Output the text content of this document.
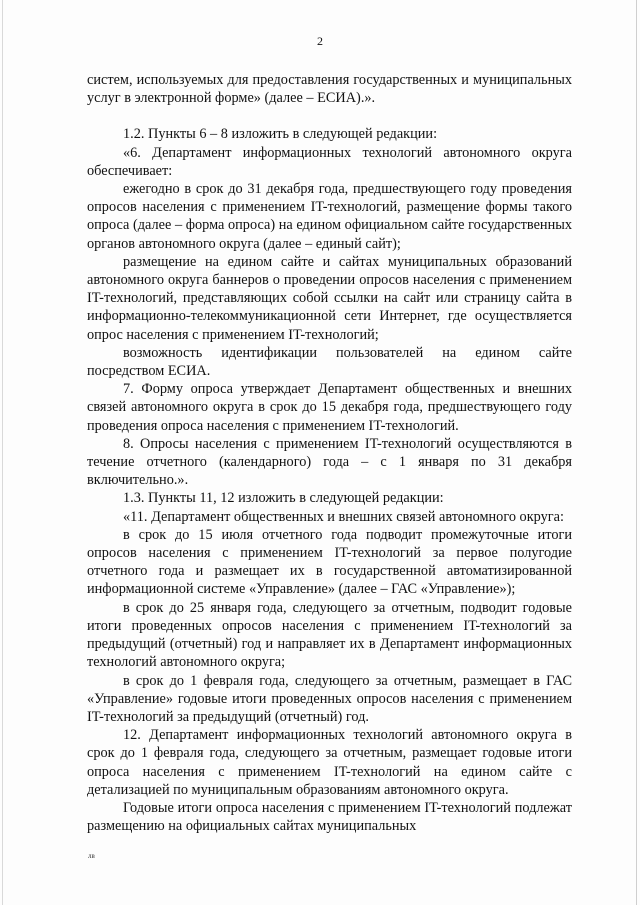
2

систем, используемых для предоставления государственных и муниципальных услуг в электронной форме» (далее – ЕСИА).».

1.2. Пункты 6 – 8 изложить в следующей редакции:

«6. Департамент информационных технологий автономного округа обеспечивает:

ежегодно в срок до 31 декабря года, предшествующего году проведения опросов населения с применением IT-технологий, размещение формы такого опроса (далее – форма опроса) на едином официальном сайте государственных органов автономного округа (далее – единый сайт);

размещение на едином сайте и сайтах муниципальных образований автономного округа баннеров о проведении опросов населения с применением IT-технологий, представляющих собой ссылки на сайт или страницу сайта в информационно-телекоммуникационной сети Интернет, где осуществляется опрос населения с применением IT-технологий;

возможность идентификации пользователей на едином сайте посредством ЕСИА.

7. Форму опроса утверждает Департамент общественных и внешних связей автономного округа в срок до 15 декабря года, предшествующего году проведения опроса населения с применением IT-технологий.

8. Опросы населения с применением IT-технологий осуществляются в течение отчетного (календарного) года – с 1 января по 31 декабря включительно.».

1.3. Пункты 11, 12 изложить в следующей редакции:

«11. Департамент общественных и внешних связей автономного округа:

в срок до 15 июля отчетного года подводит промежуточные итоги опросов населения с применением IT-технологий за первое полугодие отчетного года и размещает их в государственной автоматизированной информационной системе «Управление» (далее – ГАС «Управление»);

в срок до 25 января года, следующего за отчетным, подводит годовые итоги проведенных опросов населения с применением IT-технологий за предыдущий (отчетный) год и направляет их в Департамент информационных технологий автономного округа;

в срок до 1 февраля года, следующего за отчетным, размещает в ГАС «Управление» годовые итоги проведенных опросов населения с применением IT-технологий за предыдущий (отчетный) год.

12. Департамент информационных технологий автономного округа в срок до 1 февраля года, следующего за отчетным, размещает годовые итоги опроса населения с применением IT-технологий на едином сайте с детализацией по муниципальным образованиям автономного округа.

Годовые итоги опроса населения с применением IT-технологий подлежат размещению на официальных сайтах муниципальных

лв
